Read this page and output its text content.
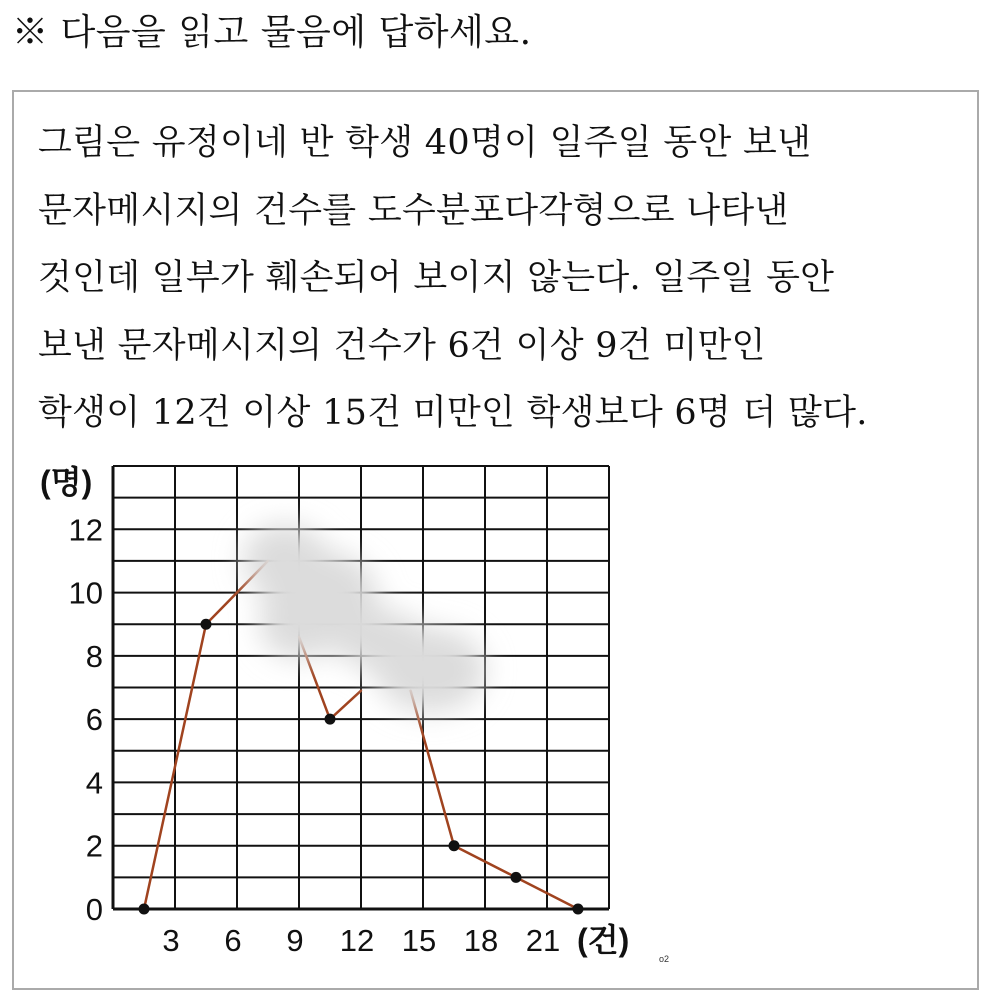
※ 다음을 읽고 물음에 답하세요.
그림은 유정이네 반 학생 40명이 일주일 동안 보낸
문자메시지의 건수를 도수분포다각형으로 나타낸
것인데 일부가 훼손되어 보이지 않는다. 일주일 동안
보낸 문자메시지의 건수가 6건 이상 9건 미만인
학생이 12건 이상 15건 미만인 학생보다 6명 더 많다.
0
2
4
6
8
10
12
3 6 9 12 15 18 21
(명)
(건)
o2
